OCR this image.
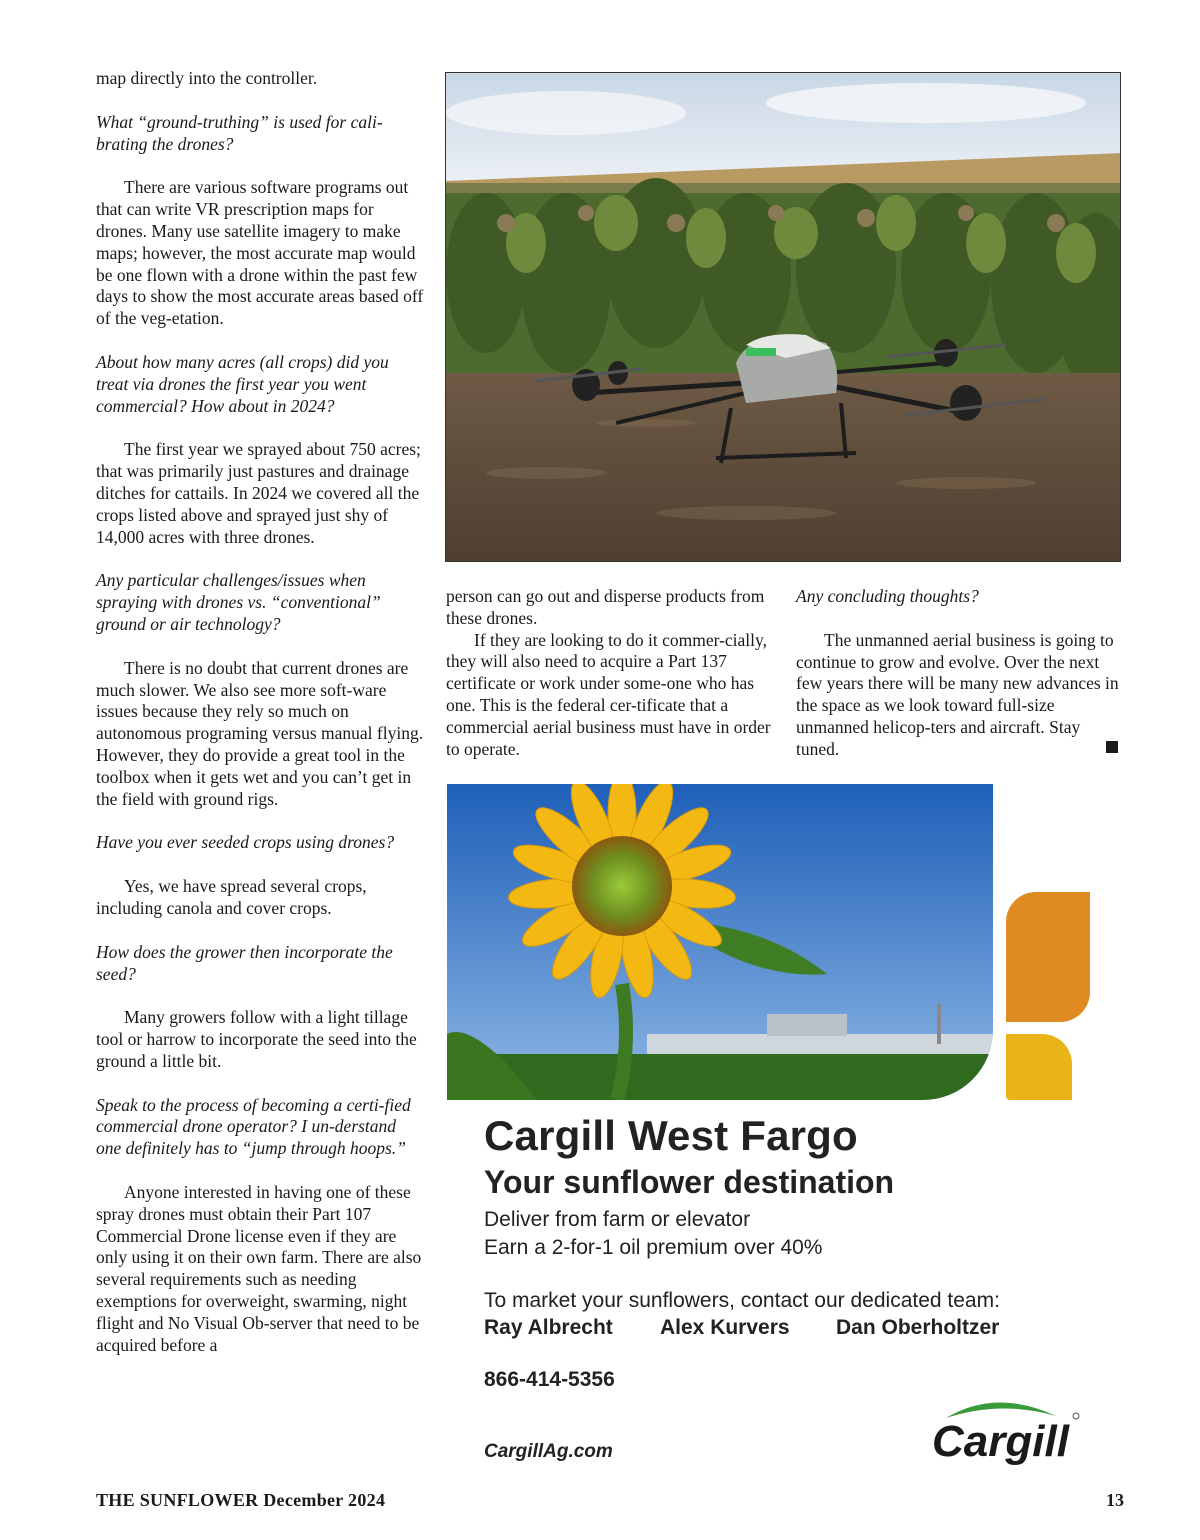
map directly into the controller.

What “ground-truthing” is used for cali-brating the drones?

There are various software programs out that can write VR prescription maps for drones. Many use satellite imagery to make maps; however, the most accurate map would be one flown with a drone within the past few days to show the most accurate areas based off of the veg-etation.

About how many acres (all crops) did you treat via drones the first year you went commercial? How about in 2024?

The first year we sprayed about 750 acres; that was primarily just pastures and drainage ditches for cattails. In 2024 we covered all the crops listed above and sprayed just shy of 14,000 acres with three drones.

Any particular challenges/issues when spraying with drones vs. “conventional” ground or air technology?

There is no doubt that current drones are much slower. We also see more soft-ware issues because they rely so much on autonomous programing versus manual flying. However, they do provide a great tool in the toolbox when it gets wet and you can’t get in the field with ground rigs.

Have you ever seeded crops using drones?

Yes, we have spread several crops, including canola and cover crops.

How does the grower then incorporate the seed?

Many growers follow with a light tillage tool or harrow to incorporate the seed into the ground a little bit.

Speak to the process of becoming a certi-fied commercial drone operator? I un-derstand one definitely has to “jump through hoops.”

Anyone interested in having one of these spray drones must obtain their Part 107 Commercial Drone license even if they are only using it on their own farm. There are also several requirements such as needing exemptions for overweight, swarming, night flight and No Visual Ob-server that need to be acquired before a

person can go out and disperse products from these drones.

If they are looking to do it commer-cially, they will also need to acquire a Part 137 certificate or work under some-one who has one. This is the federal cer-tificate that a commercial aerial business must have in order to operate.

Any concluding thoughts?

The unmanned aerial business is going to continue to grow and evolve. Over the next few years there will be many new advances in the space as we look toward full-size unmanned helicop-ters and aircraft. Stay tuned.

Cargill West Fargo
Your sunflower destination
Deliver from farm or elevator
Earn a 2-for-1 oil premium over 40%
To market your sunflowers, contact our dedicated team:
Ray Albrecht Alex Kurvers Dan Oberholtzer
866-414-5356
CargillAg.com	Cargill
THE SUNFLOWER December 2024	13
